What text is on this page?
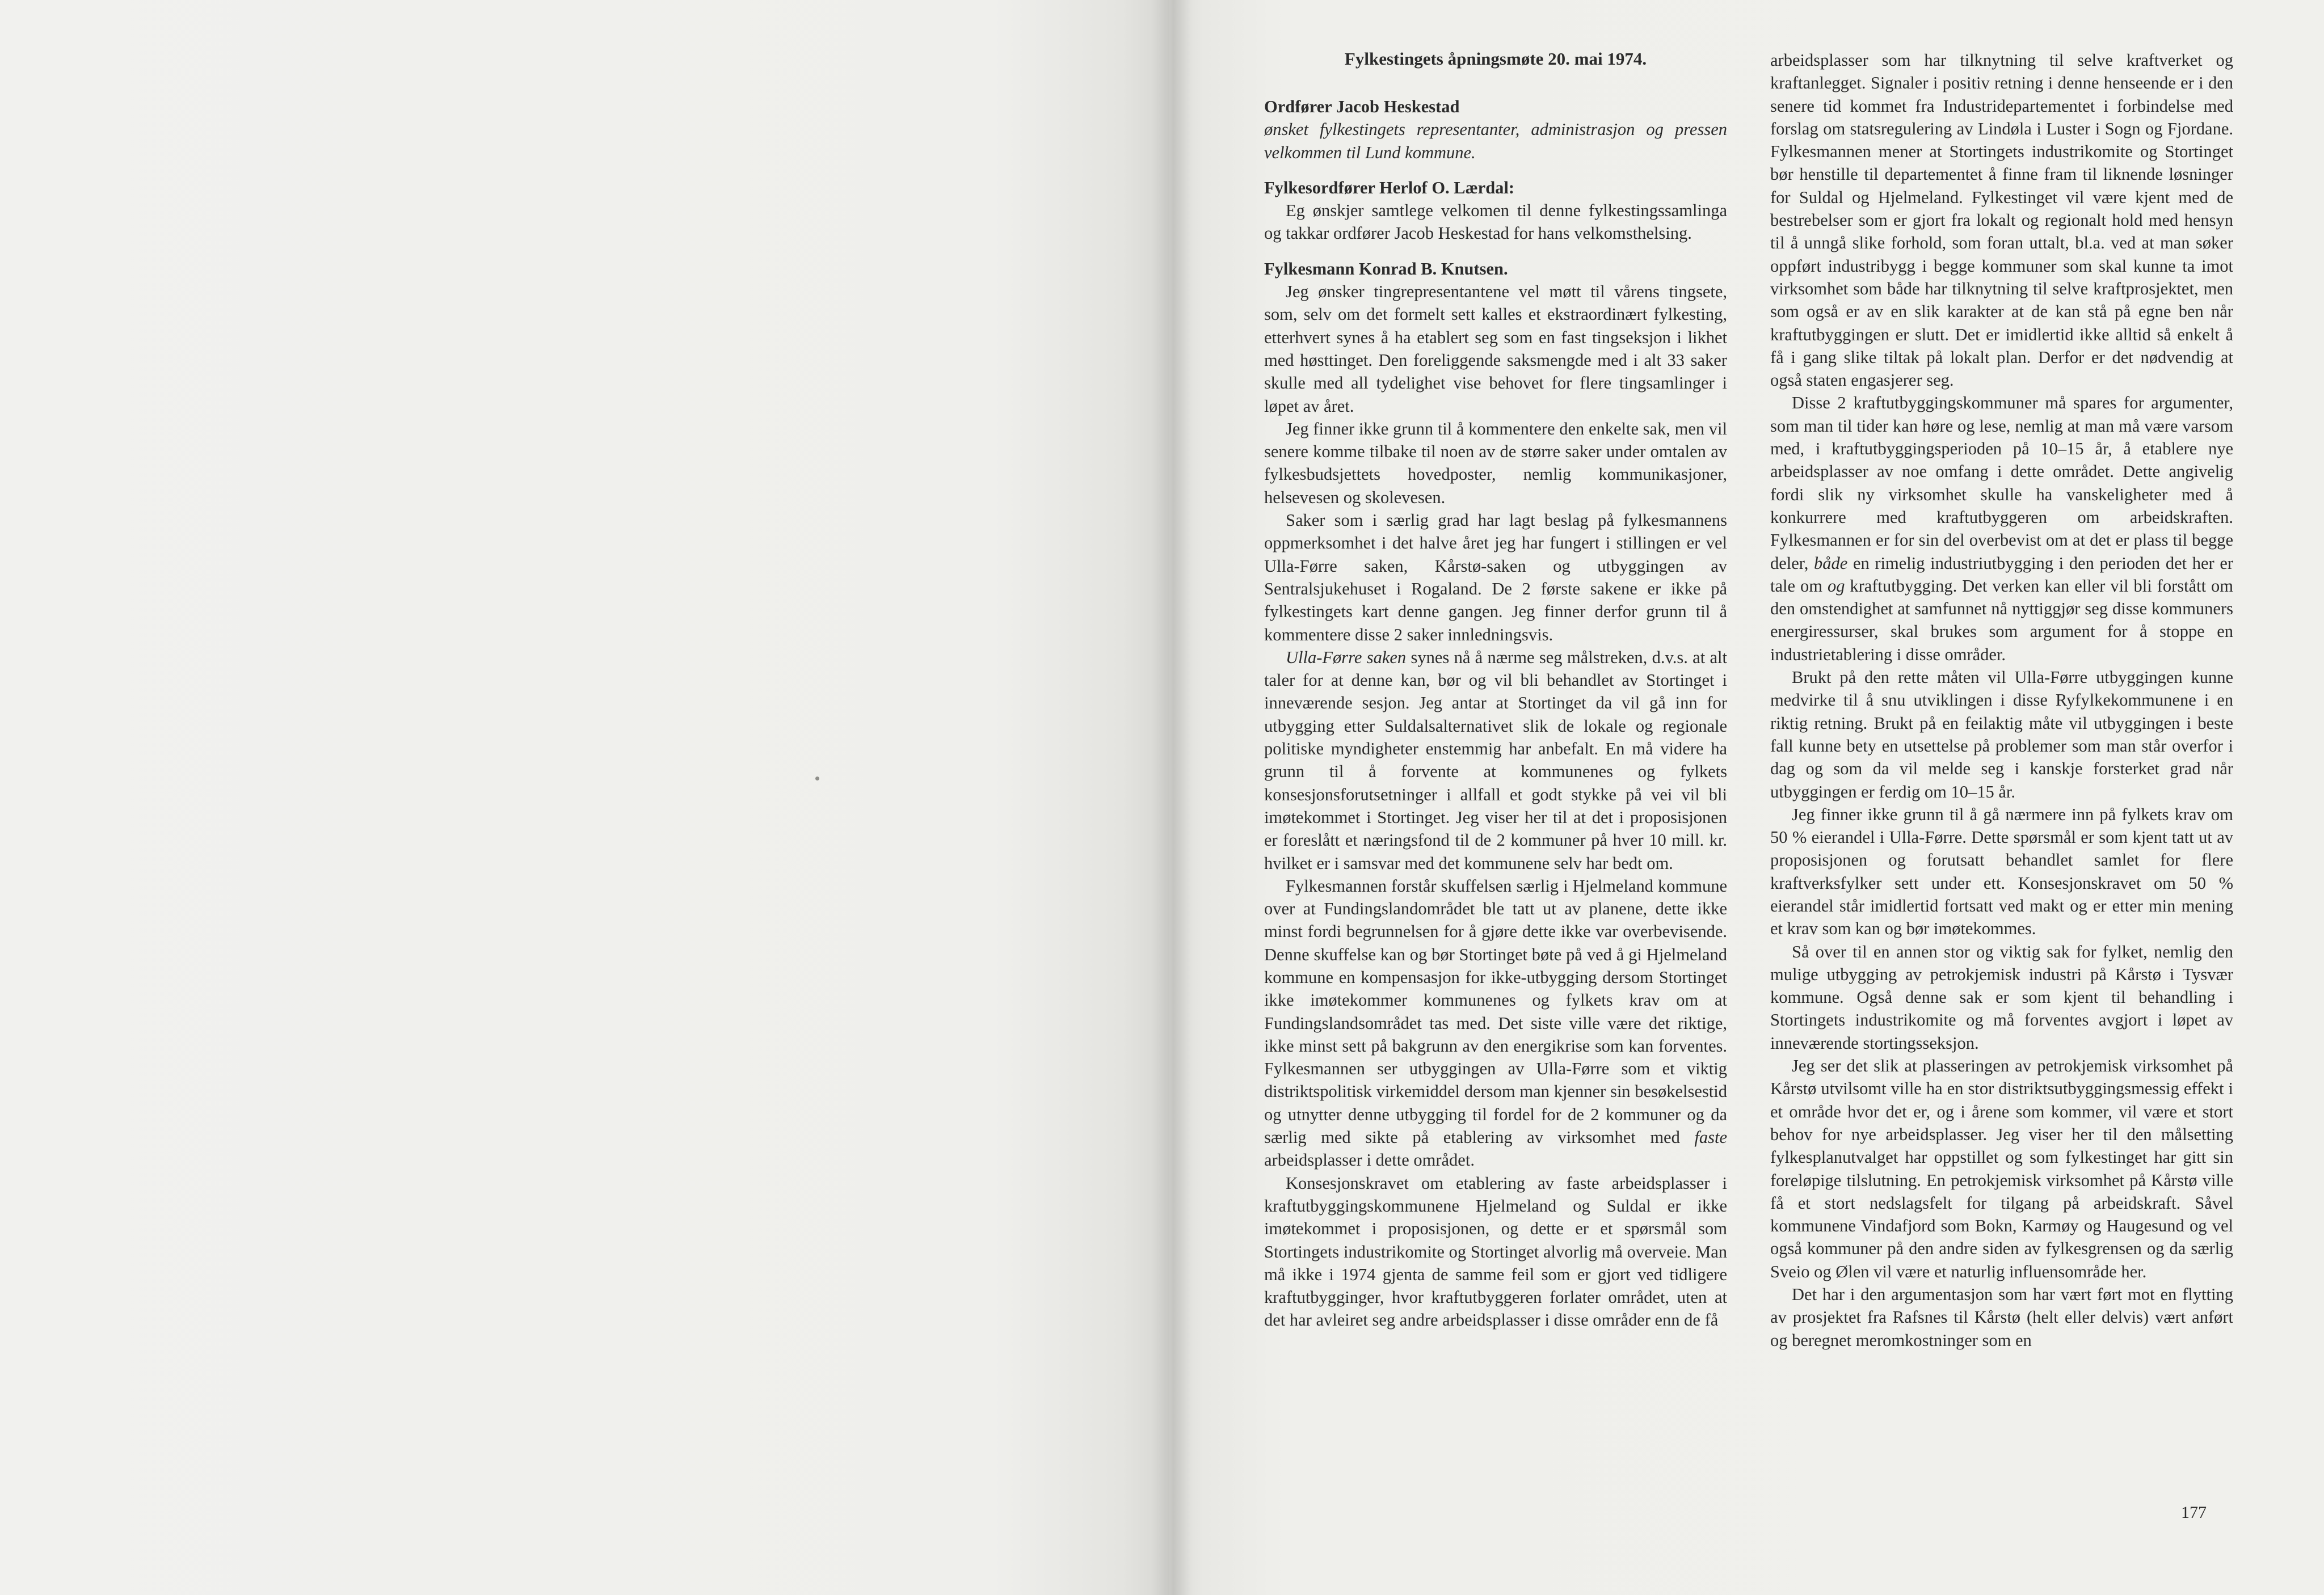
Fylkestingets åpningsmøte 20. mai 1974.

Ordfører Jacob Heskestad

ønsket fylkestingets representanter, administrasjon og pressen velkommen til Lund kommune.

Fylkesordfører Herlof O. Lærdal:

Eg ønskjer samtlege velkomen til denne fylkestingssamlinga og takkar ordfører Jacob Heskestad for hans velkomsthelsing.

Fylkesmann Konrad B. Knutsen.

Jeg ønsker tingrepresentantene vel møtt til vårens tingsete, som, selv om det formelt sett kalles et ekstraordinært fylkesting, etterhvert synes å ha etablert seg som en fast tingseksjon i likhet med høsttinget. Den foreliggende saksmengde med i alt 33 saker skulle med all tydelighet vise behovet for flere tingsamlinger i løpet av året.

Jeg finner ikke grunn til å kommentere den enkelte sak, men vil senere komme tilbake til noen av de større saker under omtalen av fylkesbudsjettets hovedposter, nemlig kommunikasjoner, helsevesen og skolevesen.

Saker som i særlig grad har lagt beslag på fylkesmannens oppmerksomhet i det halve året jeg har fungert i stillingen er vel Ulla-Førre saken, Kårstø-saken og utbyggingen av Sentralsjukehuset i Rogaland. De 2 første sakene er ikke på fylkestingets kart denne gangen. Jeg finner derfor grunn til å kommentere disse 2 saker innledningsvis.

Ulla-Førre saken synes nå å nærme seg målstreken, d.v.s. at alt taler for at denne kan, bør og vil bli behandlet av Stortinget i inneværende sesjon. Jeg antar at Stortinget da vil gå inn for utbygging etter Suldalsalternativet slik de lokale og regionale politiske myndigheter enstemmig har anbefalt. En må videre ha grunn til å forvente at kommunenes og fylkets konsesjonsforutsetninger i allfall et godt stykke på vei vil bli imøtekommet i Stortinget. Jeg viser her til at det i proposisjonen er foreslått et næringsfond til de 2 kommuner på hver 10 mill. kr. hvilket er i samsvar med det kommunene selv har bedt om.

Fylkesmannen forstår skuffelsen særlig i Hjelmeland kommune over at Fundingslandområdet ble tatt ut av planene, dette ikke minst fordi begrunnelsen for å gjøre dette ikke var overbevisende. Denne skuffelse kan og bør Stortinget bøte på ved å gi Hjelmeland kommune en kompensasjon for ikke-utbygging dersom Stortinget ikke imøtekommer kommunenes og fylkets krav om at Fundingslandsområdet tas med. Det siste ville være det riktige, ikke minst sett på bakgrunn av den energikrise som kan forventes. Fylkesmannen ser utbyggingen av Ulla-Førre som et viktig distriktspolitisk virkemiddel dersom man kjenner sin besøkelsestid og utnytter denne utbygging til fordel for de 2 kommuner og da særlig med sikte på etablering av virksomhet med faste arbeidsplasser i dette området.

Konsesjonskravet om etablering av faste arbeidsplasser i kraftutbyggingskommunene Hjelmeland og Suldal er ikke imøtekommet i proposisjonen, og dette er et spørsmål som Stortingets industrikomite og Stortinget alvorlig må overveie. Man må ikke i 1974 gjenta de samme feil som er gjort ved tidligere kraftutbygginger, hvor kraftutbyggeren forlater området, uten at det har avleiret seg andre arbeidsplasser i disse områder enn de få

arbeidsplasser som har tilknytning til selve kraftverket og kraftanlegget. Signaler i positiv retning i denne henseende er i den senere tid kommet fra Industridepartementet i forbindelse med forslag om statsregulering av Lindøla i Luster i Sogn og Fjordane. Fylkesmannen mener at Stortingets industrikomite og Stortinget bør henstille til departementet å finne fram til liknende løsninger for Suldal og Hjelmeland. Fylkestinget vil være kjent med de bestrebelser som er gjort fra lokalt og regionalt hold med hensyn til å unngå slike forhold, som foran uttalt, bl.a. ved at man søker oppført industribygg i begge kommuner som skal kunne ta imot virksomhet som både har tilknytning til selve kraftprosjektet, men som også er av en slik karakter at de kan stå på egne ben når kraftutbyggingen er slutt. Det er imidlertid ikke alltid så enkelt å få i gang slike tiltak på lokalt plan. Derfor er det nødvendig at også staten engasjerer seg.

Disse 2 kraftutbyggingskommuner må spares for argumenter, som man til tider kan høre og lese, nemlig at man må være varsom med, i kraftutbyggingsperioden på 10–15 år, å etablere nye arbeidsplasser av noe omfang i dette området. Dette angivelig fordi slik ny virksomhet skulle ha vanskeligheter med å konkurrere med kraftutbyggeren om arbeidskraften. Fylkesmannen er for sin del overbevist om at det er plass til begge deler, både en rimelig industriutbygging i den perioden det her er tale om og kraftutbygging. Det verken kan eller vil bli forstått om den omstendighet at samfunnet nå nyttiggjør seg disse kommuners energiressurser, skal brukes som argument for å stoppe en industrietablering i disse områder.

Brukt på den rette måten vil Ulla-Førre utbyggingen kunne medvirke til å snu utviklingen i disse Ryfylkekommunene i en riktig retning. Brukt på en feilaktig måte vil utbyggingen i beste fall kunne bety en utsettelse på problemer som man står overfor i dag og som da vil melde seg i kanskje forsterket grad når utbyggingen er ferdig om 10–15 år.

Jeg finner ikke grunn til å gå nærmere inn på fylkets krav om 50 % eierandel i Ulla-Førre. Dette spørsmål er som kjent tatt ut av proposisjonen og forutsatt behandlet samlet for flere kraftverksfylker sett under ett. Konsesjonskravet om 50 % eierandel står imidlertid fortsatt ved makt og er etter min mening et krav som kan og bør imøtekommes.

Så over til en annen stor og viktig sak for fylket, nemlig den mulige utbygging av petrokjemisk industri på Kårstø i Tysvær kommune. Også denne sak er som kjent til behandling i Stortingets industrikomite og må forventes avgjort i løpet av inneværende stortingsseksjon.

Jeg ser det slik at plasseringen av petrokjemisk virksomhet på Kårstø utvilsomt ville ha en stor distriktsutbyggingsmessig effekt i et område hvor det er, og i årene som kommer, vil være et stort behov for nye arbeidsplasser. Jeg viser her til den målsetting fylkesplanutvalget har oppstillet og som fylkestinget har gitt sin foreløpige tilslutning. En petrokjemisk virksomhet på Kårstø ville få et stort nedslagsfelt for tilgang på arbeidskraft. Såvel kommunene Vindafjord som Bokn, Karmøy og Haugesund og vel også kommuner på den andre siden av fylkesgrensen og da særlig Sveio og Ølen vil være et naturlig influensområde her.

Det har i den argumentasjon som har vært ført mot en flytting av prosjektet fra Rafsnes til Kårstø (helt eller delvis) vært anført og beregnet meromkostninger som en

177
